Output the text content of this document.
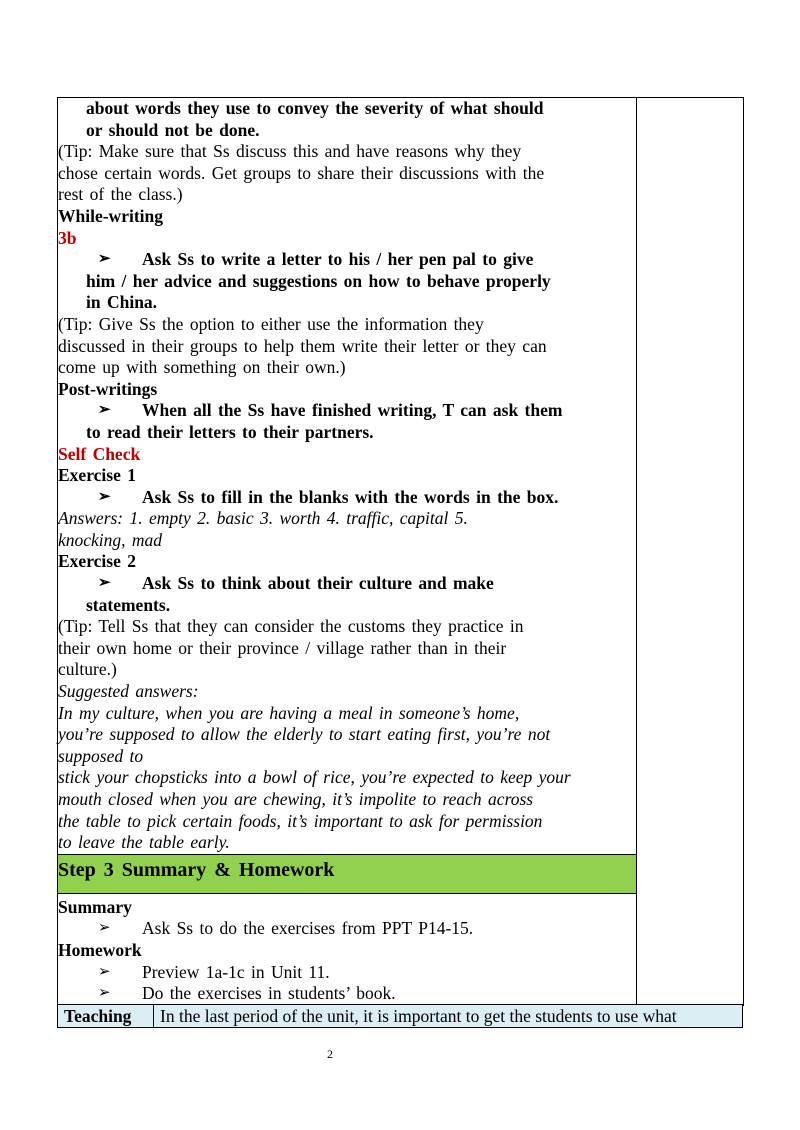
about words they use to convey the severity of what should
or should not be done.
(Tip: Make sure that Ss discuss this and have reasons why they
chose certain words. Get groups to share their discussions with the
rest of the class.)
While-writing
3b
➢ Ask Ss to write a letter to his / her pen pal to give
him / her advice and suggestions on how to behave properly
in China.
(Tip: Give Ss the option to either use the information they
discussed in their groups to help them write their letter or they can
come up with something on their own.)
Post-writings
➢ When all the Ss have finished writing, T can ask them
to read their letters to their partners.
Self Check
Exercise 1
➢ Ask Ss to fill in the blanks with the words in the box.
Answers: 1. empty 2. basic 3. worth 4. traffic, capital 5.
knocking, mad
Exercise 2
➢ Ask Ss to think about their culture and make
statements.
(Tip: Tell Ss that they can consider the customs they practice in
their own home or their province / village rather than in their
culture.)
Suggested answers:
In my culture, when you are having a meal in someone’s home,
you’re supposed to allow the elderly to start eating first, you’re not
supposed to
stick your chopsticks into a bowl of rice, you’re expected to keep your
mouth closed when you are chewing, it’s impolite to reach across
the table to pick certain foods, it’s important to ask for permission
to leave the table early.

Step 3 Summary & Homework

Summary
➢ Ask Ss to do the exercises from PPT P14-15.
Homework
➢ Preview 1a-1c in Unit 11.
➢ Do the exercises in students’ book.
Teaching	In the last period of the unit, it is important to get the students to use what
2
